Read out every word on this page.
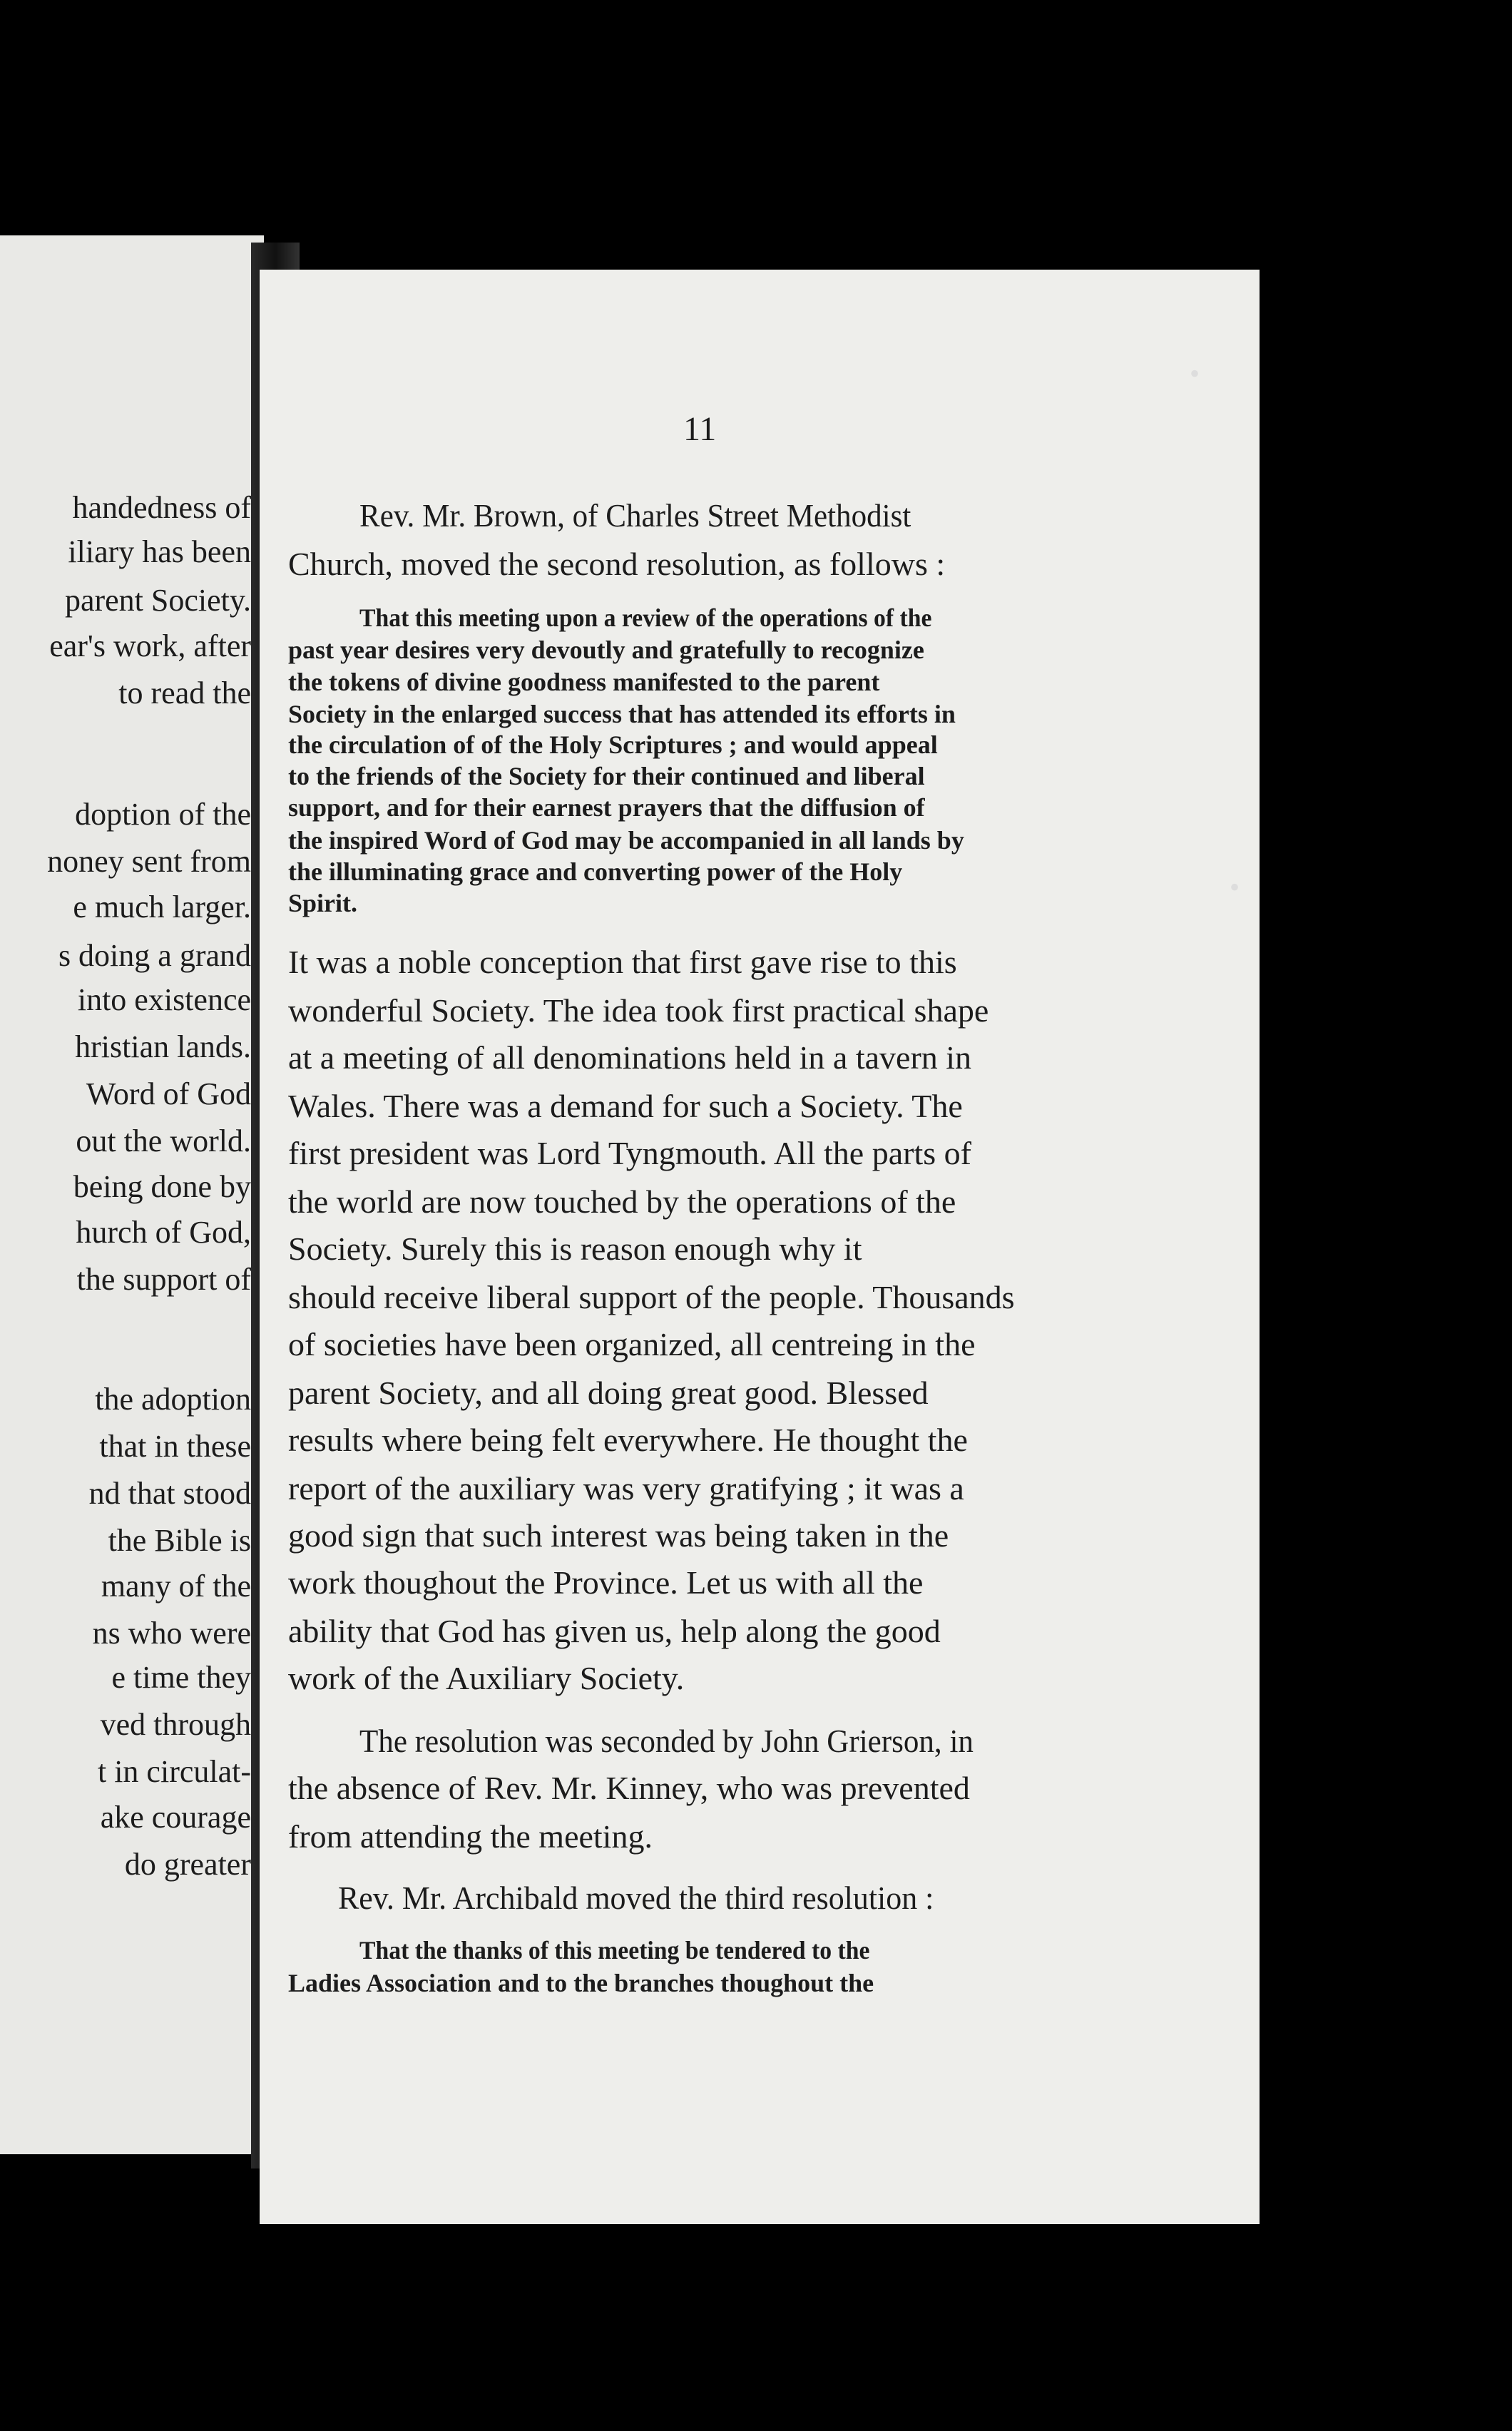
handedness of
iliary has been
parent Society.
ear's work, after
to read the
doption of the
noney sent from
e much larger.
s doing a grand
into existence
hristian lands.
Word of God
out the world.
being done by
hurch of God,
the support of
the adoption
that in these
nd that stood
the Bible is
many of the
ns who were
e time they
ved through
t in circulat-
ake courage
do greater
11
Rev. Mr. Brown, of Charles Street Methodist
Church, moved the second resolution, as follows :
That this meeting upon a review of the operations of the
past year desires very devoutly and gratefully to recognize
the tokens of divine goodness manifested to the parent
Society in the enlarged success that has attended its efforts in
the circulation of of the Holy Scriptures ; and would appeal
to the friends of the Society for their continued and liberal
support, and for their earnest prayers that the diffusion of
the inspired Word of God may be accompanied in all lands by
the illuminating grace and converting power of the Holy
Spirit.
It was a noble conception that first gave rise to this
wonderful Society. The idea took first practical shape
at a meeting of all denominations held in a tavern in
Wales. There was a demand for such a Society. The
first president was Lord Tyngmouth. All the parts of
the world are now touched by the operations of the
Society. Surely this is reason enough why it
should receive liberal support of the people. Thousands
of societies have been organized, all centreing in the
parent Society, and all doing great good. Blessed
results where being felt everywhere. He thought the
report of the auxiliary was very gratifying ; it was a
good sign that such interest was being taken in the
work thoughout the Province. Let us with all the
ability that God has given us, help along the good
work of the Auxiliary Society.
The resolution was seconded by John Grierson, in
the absence of Rev. Mr. Kinney, who was prevented
from attending the meeting.
Rev. Mr. Archibald moved the third resolution :
That the thanks of this meeting be tendered to the
Ladies Association and to the branches thoughout the
•
•
